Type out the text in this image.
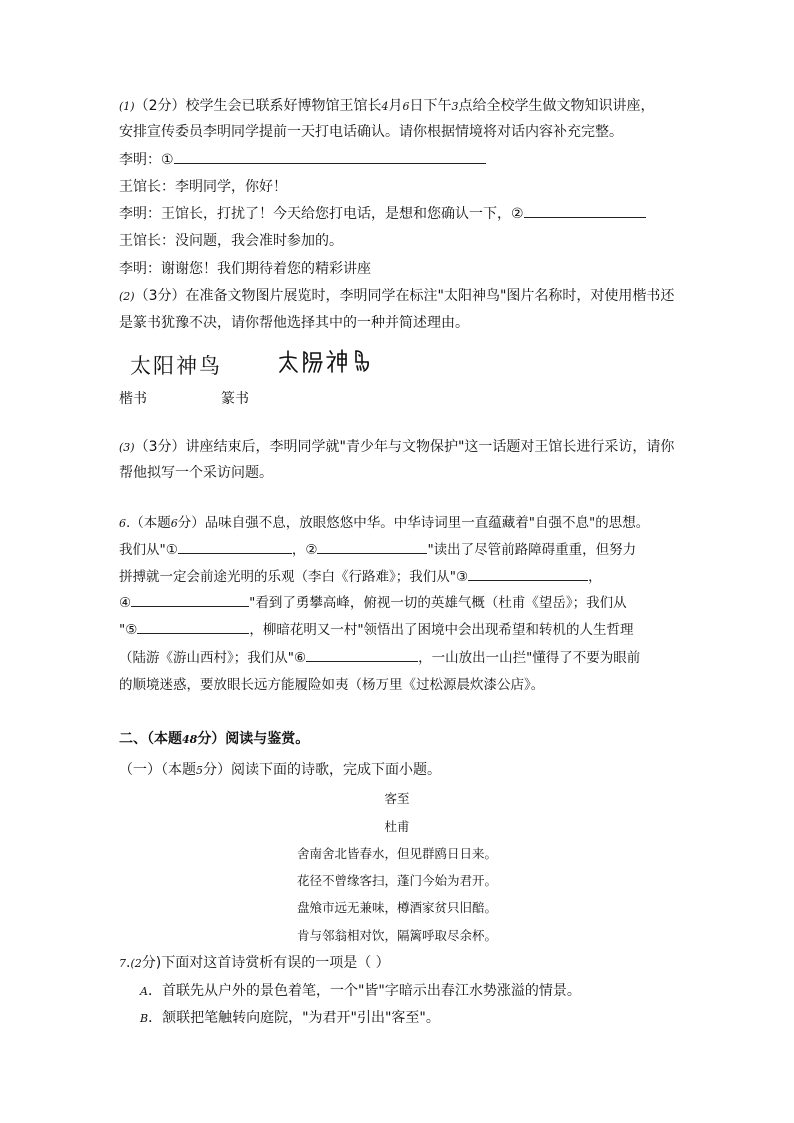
(1)（2分）校学生会已联系好博物馆王馆长4月6日下午3点给全校学生做文物知识讲座，
安排宣传委员李明同学提前一天打电话确认。请你根据情境将对话内容补充完整。
李明：①
王馆长：李明同学，你好！
李明：王馆长，打扰了！今天给您打电话，是想和您确认一下，②
王馆长：没问题，我会准时参加的。
李明：谢谢您！我们期待着您的精彩讲座
(2)（3分）在准备文物图片展览时，李明同学在标注"太阳神鸟"图片名称时，对使用楷书还
是篆书犹豫不决，请你帮他选择其中的一种并简述理由。
太阳神鸟
楷书	篆书
(3)（3分）讲座结束后，李明同学就"青少年与文物保护"这一话题对王馆长进行采访，请你
帮他拟写一个采访问题。
6.（本题6分）品味自强不息，放眼悠悠中华。中华诗词里一直蕴藏着"自强不息"的思想。
我们从"①	，②	"读出了尽管前路障碍重重，但努力
拼搏就一定会前途光明的乐观（李白《行路难》；我们从"③	，
④	"看到了勇攀高峰，俯视一切的英雄气概（杜甫《望岳》；我们从
"⑤	，柳暗花明又一村"领悟出了困境中会出现希望和转机的人生哲理
（陆游《游山西村》；我们从"⑥	，一山放出一山拦"懂得了不要为眼前
的顺境迷惑，要放眼长远方能履险如夷（杨万里《过松源晨炊漆公店》。
二、（本题48分）阅读与鉴赏。
（一）（本题5分）阅读下面的诗歌，完成下面小题。
客至
杜甫
舍南舍北皆春水，但见群鸥日日来。
花径不曾缘客扫，蓬门今始为君开。
盘飧市远无兼味，樽酒家贫只旧醅。
肯与邻翁相对饮，隔篱呼取尽余杯。
7.(2分)下面对这首诗赏析有误的一项是（ ）
A．首联先从户外的景色着笔，一个"皆"字暗示出春江水势涨溢的情景。
B．颔联把笔触转向庭院，"为君开"引出"客至"。
